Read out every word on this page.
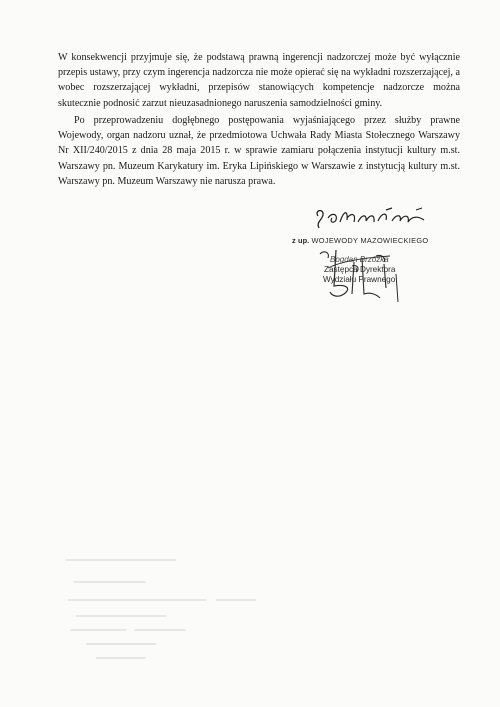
W konsekwencji przyjmuje się, że podstawą prawną ingerencji nadzorczej może być wyłącznie przepis ustawy, przy czym ingerencja nadzorcza nie może opierać się na wykładni rozszerzającej, a wobec rozszerzającej wykładni, przepisów stanowiących kompetencje nadzorcze można skutecznie podnosić zarzut nieuzasadnionego naruszenia samodzielności gminy.

Po przeprowadzeniu dogłębnego postępowania wyjaśniającego przez służby prawne Wojewody, organ nadzoru uznał, że przedmiotowa Uchwała Rady Miasta Stołecznego Warszawy Nr XII/240/2015 z dnia 28 maja 2015 r. w sprawie zamiaru połączenia instytucji kultury m.st. Warszawy pn. Muzeum Karykatury im. Eryka Lipińskiego w Warszawie z instytucją kultury m.st. Warszawy pn. Muzeum Warszawy nie narusza prawa.

z up. WOJEWODY MAZOWIECKIEGO
Bogdan Brzózka
Zastępca Dyrektora
Wydziału Prawnego
